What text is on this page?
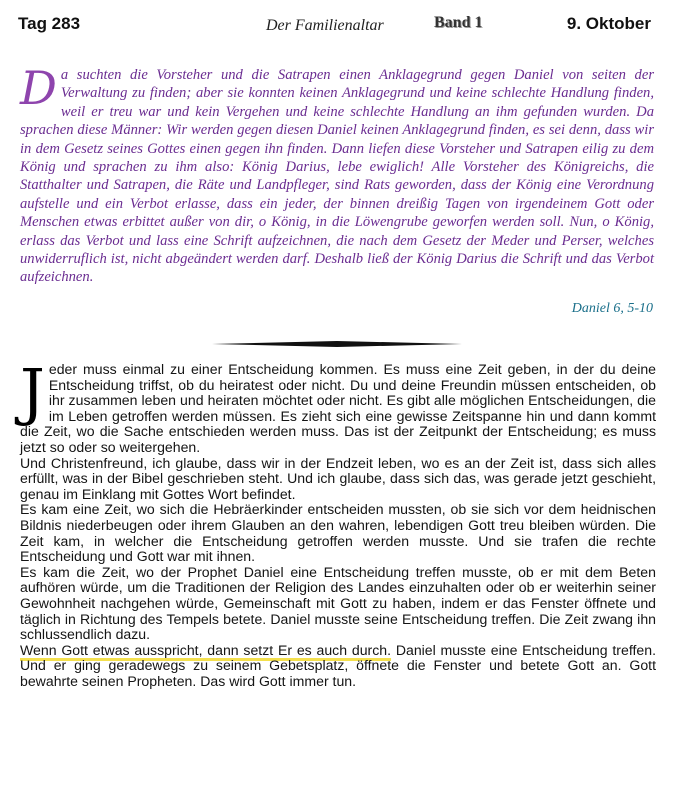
Tag 283	Der Familienaltar	Band 1	9. Oktober
Da suchten die Vorsteher und die Satrapen einen Anklagegrund gegen Daniel von seiten der Verwaltung zu finden; aber sie konnten keinen Anklagegrund und keine schlechte Handlung finden, weil er treu war und kein Vergehen und keine schlechte Handlung an ihm gefunden wurden. Da sprachen diese Männer: Wir werden gegen diesen Daniel keinen Anklagegrund finden, es sei denn, dass wir in dem Gesetz seines Gottes einen gegen ihn finden. Dann liefen diese Vorsteher und Satrapen eilig zu dem König und sprachen zu ihm also: König Darius, lebe ewiglich! Alle Vorsteher des Königreichs, die Statthalter und Satrapen, die Räte und Landpfleger, sind Rats geworden, dass der König eine Verordnung aufstelle und ein Verbot erlasse, dass ein jeder, der binnen dreißig Tagen von irgendeinem Gott oder Menschen etwas erbittet außer von dir, o König, in die Löwengrube geworfen werden soll. Nun, o König, erlass das Verbot und lass eine Schrift aufzeichnen, die nach dem Gesetz der Meder und Perser, welches unwiderruflich ist, nicht abgeändert werden darf. Deshalb ließ der König Darius die Schrift und das Verbot aufzeichnen.
Daniel 6, 5-10

Jeder muss einmal zu einer Entscheidung kommen. Es muss eine Zeit geben, in der du deine Entscheidung triffst, ob du heiratest oder nicht. Du und deine Freundin müssen entscheiden, ob ihr zusammen leben und heiraten möchtet oder nicht. Es gibt alle möglichen Entscheidungen, die im Leben getroffen werden müssen. Es zieht sich eine gewisse Zeitspanne hin und dann kommt die Zeit, wo die Sache entschieden werden muss. Das ist der Zeitpunkt der Entscheidung; es muss jetzt so oder so weitergehen.

Und Christenfreund, ich glaube, dass wir in der Endzeit leben, wo es an der Zeit ist, dass sich alles erfüllt, was in der Bibel geschrieben steht. Und ich glaube, dass sich das, was gerade jetzt geschieht, genau im Einklang mit Gottes Wort befindet.

Es kam eine Zeit, wo sich die Hebräerkinder entscheiden mussten, ob sie sich vor dem heidnischen Bildnis niederbeugen oder ihrem Glauben an den wahren, lebendigen Gott treu bleiben würden. Die Zeit kam, in welcher die Entscheidung getroffen werden musste. Und sie trafen die rechte Entscheidung und Gott war mit ihnen.

Es kam die Zeit, wo der Prophet Daniel eine Entscheidung treffen musste, ob er mit dem Beten aufhören würde, um die Traditionen der Religion des Landes einzuhalten oder ob er weiterhin seiner Gewohnheit nachgehen würde, Gemeinschaft mit Gott zu haben, indem er das Fenster öffnete und täglich in Richtung des Tempels betete. Daniel musste seine Entscheidung treffen. Die Zeit zwang ihn schlussendlich dazu.

Wenn Gott etwas ausspricht, dann setzt Er es auch durch. Daniel musste eine Entscheidung treffen. Und er ging geradewegs zu seinem Gebetsplatz, öffnete die Fenster und betete Gott an. Gott bewahrte seinen Propheten. Das wird Gott immer tun.
